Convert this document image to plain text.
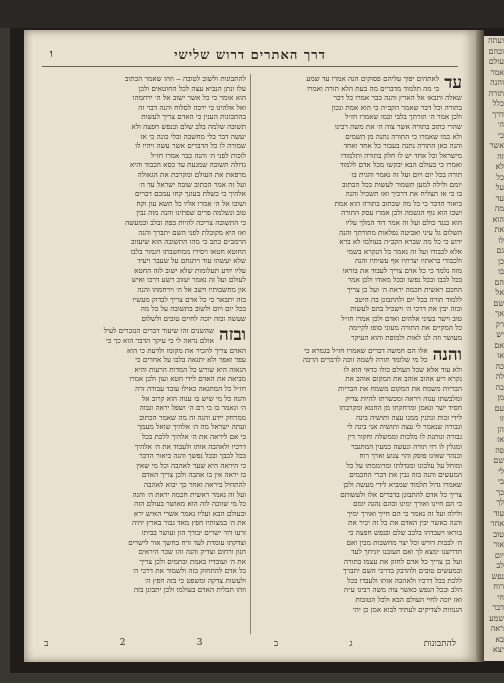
דרך האתרים דרוש שלישי
ו
עד
לאתהים יפוך עליהם פסוקים הנה אמרו עד שמע
כי מה תלמוד מדברים מה בעת הלא תורה ואמרו
שאלה ותבאו אל הארץ והנה כבר אמרו כל דבר
בתורה וכל דבר שאמר הקב״ה כי הוא אמת ונכון
ולכן אמר ה׳ תורתך בלבי וכמו שאמרו חז״ל
שהרי כתוב בתורה אשר צוה ה׳ את משה רבינו
ולא כמו שאמרו כי התורה נתנה מן השמים
והנה כאן התורה נתנה בעבור כל אחד ואחד
מישראל וכל אחד יש לו חלק בתורה ותלמודו
ואמרו כי בעולם הבא יבקשו מכל אדם ללמוד
תורה בכל יום ויום ועל זה נאמר והגית בו
יומם ולילה למען תשמור לעשות ככל הכתוב
בו כי אז תצליח את דרכיך ואז תשכיל והנה
ביאור הדבר כי כל מה שכתוב בתורה הוא אמת
ושבו הוא גוף הנשמה ולכן אמרו עסק התורה
הוא כנגד כולם ועל זה אמר דוד המלך עליו
השלום גל עיני ואביטה נפלאות מתורתך והנה
ידוע כי כל מה שברא הקב״ה בעולמו לא ברא
אלא לכבודו ועל זה נאמר כל הנקרא בשמי
ולכבודי בראתיו יצרתיו אף עשיתיו והנה
מזה נלמד כי כל אדם צריך לעבוד את בוראו
בכל לבבו ובכל נפשו ובכל מאודו ולכן אמר
החכם ראשית חכמה יראת ה׳ ועל כן צריך
ללמוד תורה בכל יום ולהתבונן בה היטב
ובזה יבין את דרכי ה׳ וישכיל בהם לעשות
טוב וישר בעיני אלהים ואדם ולכן אמרו חז״ל
כל המקיים את התורה מעוני סופו לקיימה
מעושר וזה לנו לאות ולמופת והוא העיקר
והנה
אלו הם חמשה דברים שאמרו חז״ל בגמרא כי
כל מי שלומד תורה לשמה זוכה לדברים הרבה
ולא עוד אלא שכל העולם כולו כדאי הוא לו
נקרא ריע אהוב אוהב את המקום אוהב את
הבריות משמח את המקום משמח את הבריות
ומלבשתו ענוה ויראה ומכשרתו להיות צדיק
חסיד ישר ונאמן ומרחקתו מן החטא ומקרבתו
לידי זכות ונהנין ממנו עצה ותושיה בינה
וגבורה שנאמר לי עצה ותושיה אני בינה לי
גבורה ונותנת לו מלכות וממשלה וחקור דין
ומגלין לו רזי תורה ונעשה כמעין המתגבר
וכנהר שאינו פוסק והוי צנוע וארך רוח
ומוחל על עלבונו ומגדלתו ומרוממתו על כל
המעשים והנה בזה נבין את דברי החכמים
שאמרו גדול תלמוד שמביא לידי מעשה ולכן
צריך כל אדם להתבונן בדברים אלו ולעשותם
כי הם חיינו ואורך ימינו ובהם נהגה יומם
ולילה ועל זה נאמר כי הם חייך ואורך ימיך
והנה כאשר יבין האדם את כל זה יכיר את
בוראו ויעבדהו בלבב שלם ובנפש חפצה כי
ה׳ לבבות דורש וכל יצר מחשבות מבין ואם
תדרשנו ימצא לך ואם תעזבנו יזניחך לעד
ועל כן צריך כל אדם לחזק את עצמו בתורה
ובמעשים טובים ולהדבק בדרכי השם יתברך
ללכת בכל דרכיו ולאהבה אותו ולעבדו בכל
הלב ובכל הנפש כאשר צוה משה רבינו ע״ה
ואז יזכה לחיי העולם הבא ולכל הטובות
הגנוזות לצדיקים לעתיד לבוא אמן כן יהי
להתבונות ולשוב לטובה ‒ וזהו שאמר הכתוב
עלו ונתן הנביא עצה לכל החוטאים ולכן
הוא אומר כי כל אשר ישוב אל ה׳ ירחמהו
ואל אלהינו כי ירבה לסלוח והנה דבר זה
בהתבונות הענין כי האדם צריך לעשות
תשובה שלמה בלב שלם ובנפש חפצה ולא
יעשה דבר בלי מחשבה ובלי כונה כי אז
שמורה לו כל הדברים אשר עשה ויהיו לו
לזכות לפני ה׳ והנה כבר אמרו חז״ל
גדולה תשובה שמגעת עד כסא הכבוד והיא
מרפאת את העולם ומקרבת את הגאולה
ועל זה אמר הכתוב שובה ישראל עד ה׳
אלהיך כי כשלת בעונך קחו עמכם דברים
ושובו אל ה׳ אמרו אליו כל תשא עון וקח
טוב ונשלמה פרים שפתינו והנה מזה נבין
כי התשובה צריכה להיות בפה ובלב ובמעשה
ואז היא מקובלת לפני השם יתברך והנה
הרמב״ם כתב כי מהו התשובה הוא שיעזוב
החוטא חטאו ויסירו ממחשבתו ויגמור בלבו
שלא יעשהו עוד ויתנחם על שעבר ויעיד
עליו יודע תעלומות שלא ישוב לזה החטא
לעולם ועל זה נאמר יעזוב רשע דרכו ואיש
און מחשבותיו וישב אל ה׳ וירחמהו והנה
בזה יתבאר כי כל אדם צריך לבדוק מעשיו
בכל יום ויום ולשוב בתשובה על כל מה
שעשה ובזה יזכה לחיים טובים ולשלום
ובזה
שהשנים זהו שיעור דברים הנזכרים לעיל
אולם נראה לי כי עיקר הדבר הוא כך כי
האדם צריך להכיר את מקומו ולדעת כי הוא
עפר ואפר ולא יתגאה בלבו על אחרים כי
הגאוה היא שורש כל המדות הרעות והיא
מביאה את האדם לידי חטא ועון ולכן אמרו
חז״ל כל המתגאה כאילו עובד עבודה זרה
והנה כל מי שיש בו ענוה הוא קרוב אל
ה׳ ונאמר בו כי רם ה׳ ושפל יראה וגבוה
ממרחק יידע והנה זה מה שאמר הכתוב
ועתה ישראל מה ה׳ אלהיך שואל מעמך
כי אם ליראה את ה׳ אלהיך ללכת בכל
דרכיו ולאהבה אותו ולעבוד את ה׳ אלהיך
בכל לבבך ובכל נפשך והנה ביאור הדבר
כי היראה היא שער לאהבה וכל מי שאין
בו יראה אין בו אהבה ולכן צריך האדם
להתחיל ביראה ואחר כך יבוא לאהבה
ועל זה נאמר ראשית חכמה יראת ה׳ והנה
כל מי שזוכה לזה הוא מאושר בעולם הזה
ובעולם הבא ועליו נאמר אשרי האיש ירא
את ה׳ במצותיו חפץ מאד גבור בארץ יהיה
זרעו דור ישרים יבורך הון ועושר בביתו
וצדקתו עומדת לעד זרח בחשך אור לישרים
חנון ורחום וצדיק והנה זהו שכר היראים
את ה׳ ועובדיו באמת ובתמים ולכן צריך
כל אדם להתחזק בזה ולשמור את דרכי ה׳
ולעשות צדקה ומשפט כי בזה חפץ ה׳
וזהו תכלית האדם בעולמו ולכן יתבונן בזה
להתבונות
ג
ב
3
2
ב
ועתה
ובהם
עולם
אמר
והנה
תורה
כלל
דרך
ה׳
כי
אשר
זה
לא
כל
על
עד
מה
הוא
את
לו
גם
כן
בו
הם
אל
שם
אך
רק
יש
אם
או
כה
לה
בה
מן
עם
זו
הן
אז
פה
שם
לי
בי
כך
לך
עוד
אחר
טוב
אור
יום
לב
נפש
רוח
חי
דבר
שמע
ראה
בא
יצא
